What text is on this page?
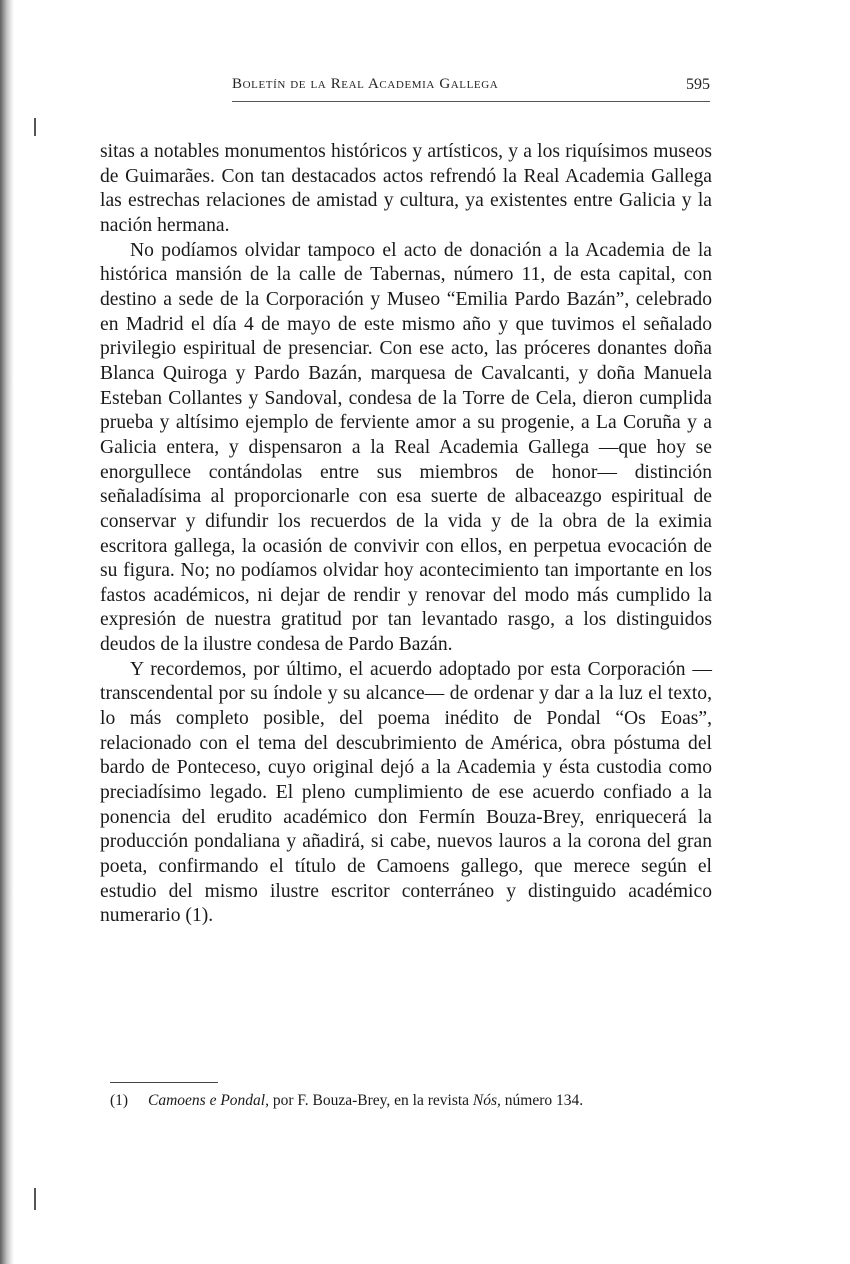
Boletín de la Real Academia Gallega	595

sitas a notables monumentos históricos y artísticos, y a los riquísimos museos de Guimarães. Con tan destacados actos refrendó la Real Academia Gallega las estrechas relaciones de amistad y cultura, ya existentes entre Galicia y la nación hermana.

No podíamos olvidar tampoco el acto de donación a la Academia de la histórica mansión de la calle de Tabernas, número 11, de esta capital, con destino a sede de la Corporación y Museo “Emilia Pardo Bazán”, celebrado en Madrid el día 4 de mayo de este mismo año y que tuvimos el señalado privilegio espiritual de presenciar. Con ese acto, las próceres donantes doña Blanca Quiroga y Pardo Bazán, marquesa de Cavalcanti, y doña Manuela Esteban Collantes y Sandoval, condesa de la Torre de Cela, dieron cumplida prueba y altísimo ejemplo de ferviente amor a su progenie, a La Coruña y a Galicia entera, y dispensaron a la Real Academia Gallega —que hoy se enorgullece contándolas entre sus miembros de honor— distinción señaladísima al proporcionarle con esa suerte de albaceazgo espiritual de conservar y difundir los recuerdos de la vida y de la obra de la eximia escritora gallega, la ocasión de convivir con ellos, en perpetua evocación de su figura. No; no podíamos olvidar hoy acontecimiento tan importante en los fastos académicos, ni dejar de rendir y renovar del modo más cumplido la expresión de nuestra gratitud por tan levantado rasgo, a los distinguidos deudos de la ilustre condesa de Pardo Bazán.

Y recordemos, por último, el acuerdo adoptado por esta Corporación —transcendental por su índole y su alcance— de ordenar y dar a la luz el texto, lo más completo posible, del poema inédito de Pondal “Os Eoas”, relacionado con el tema del descubrimiento de América, obra póstuma del bardo de Ponteceso, cuyo original dejó a la Academia y ésta custodia como preciadísimo legado. El pleno cumplimiento de ese acuerdo confiado a la ponencia del erudito académico don Fermín Bouza-Brey, enriquecerá la producción pondaliana y añadirá, si cabe, nuevos lauros a la corona del gran poeta, confirmando el título de Camoens gallego, que merece según el estudio del mismo ilustre escritor conterráneo y distinguido académico numerario (1).

(1) Camoens e Pondal, por F. Bouza-Brey, en la revista Nós, número 134.
